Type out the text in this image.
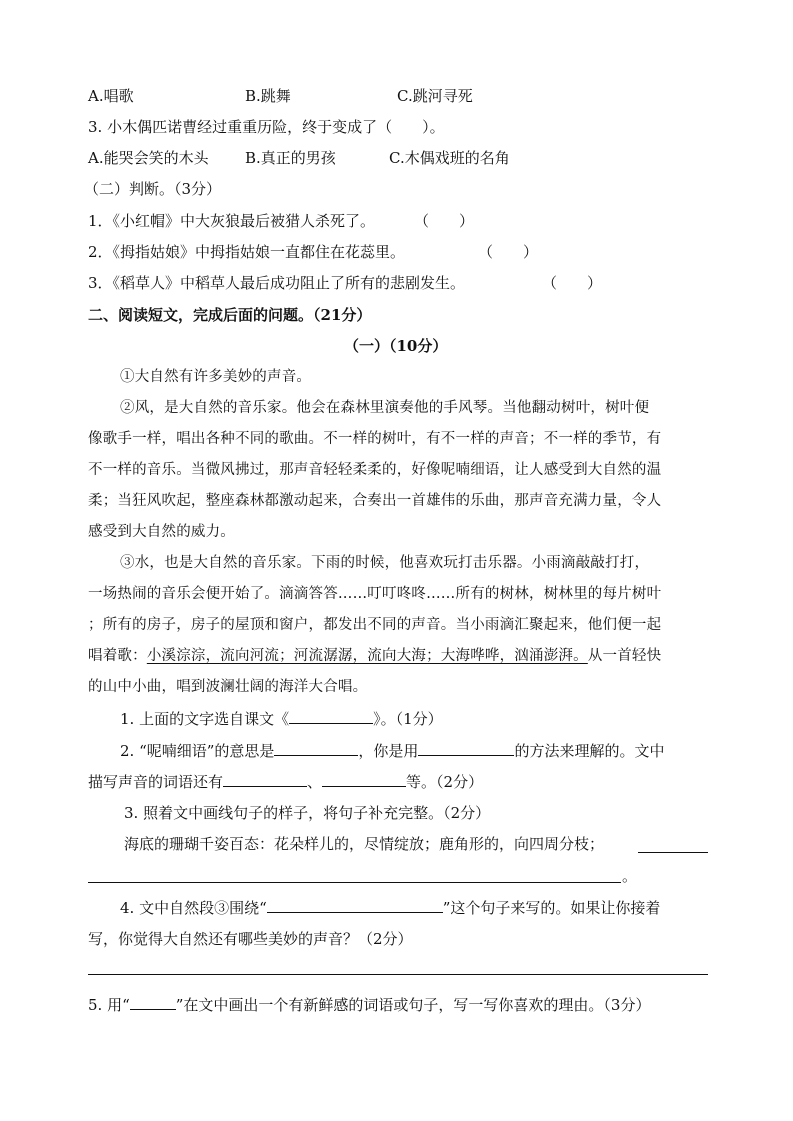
A.唱歌	B.跳舞	C.跳河寻死
3. 小木偶匹诺曹经过重重历险，终于变成了（　　）。
A.能哭会笑的木头 B.真正的男孩	C.木偶戏班的名角
（二）判断。（3分）
1．《小红帽》中大灰狼最后被猎人杀死了。	（　　）
2．《拇指姑娘》中拇指姑娘一直都住在花蕊里。	（　　）
3．《稻草人》中稻草人最后成功阻止了所有的悲剧发生。	（　　）
二、阅读短文，完成后面的问题。（21分）
（一）（10分）
①大自然有许多美妙的声音。
②风，是大自然的音乐家。他会在森林里演奏他的手风琴。当他翻动树叶，树叶便
像歌手一样，唱出各种不同的歌曲。不一样的树叶，有不一样的声音；不一样的季节，有
不一样的音乐。当微风拂过，那声音轻轻柔柔的，好像呢喃细语，让人感受到大自然的温
柔；当狂风吹起，整座森林都激动起来，合奏出一首雄伟的乐曲，那声音充满力量，令人
感受到大自然的威力。
③水，也是大自然的音乐家。下雨的时候，他喜欢玩打击乐器。小雨滴敲敲打打，
一场热闹的音乐会便开始了。滴滴答答……叮叮咚咚……所有的树林，树林里的每片树叶
；所有的房子，房子的屋顶和窗户，都发出不同的声音。当小雨滴汇聚起来，他们便一起
唱着歌：小溪淙淙，流向河流；河流潺潺，流向大海；大海哗哗，汹涌澎湃。从一首轻快
的山中小曲，唱到波澜壮阔的海洋大合唱。
1. 上面的文字选自课文《	》。（1分）
2. “呢喃细语”的意思是	，你是用	的方法来理解的。文中
描写声音的词语还有	、	等。（2分）
3. 照着文中画线句子的样子，将句子补充完整。（2分）
海底的珊瑚千姿百态：花朵样儿的，尽情绽放；鹿角形的，向四周分枝；
。
4. 文中自然段③围绕“	”这个句子来写的。如果让你接着
写，你觉得大自然还有哪些美妙的声音？（2分）
5. 用“	”在文中画出一个有新鲜感的词语或句子，写一写你喜欢的理由。（3分）
